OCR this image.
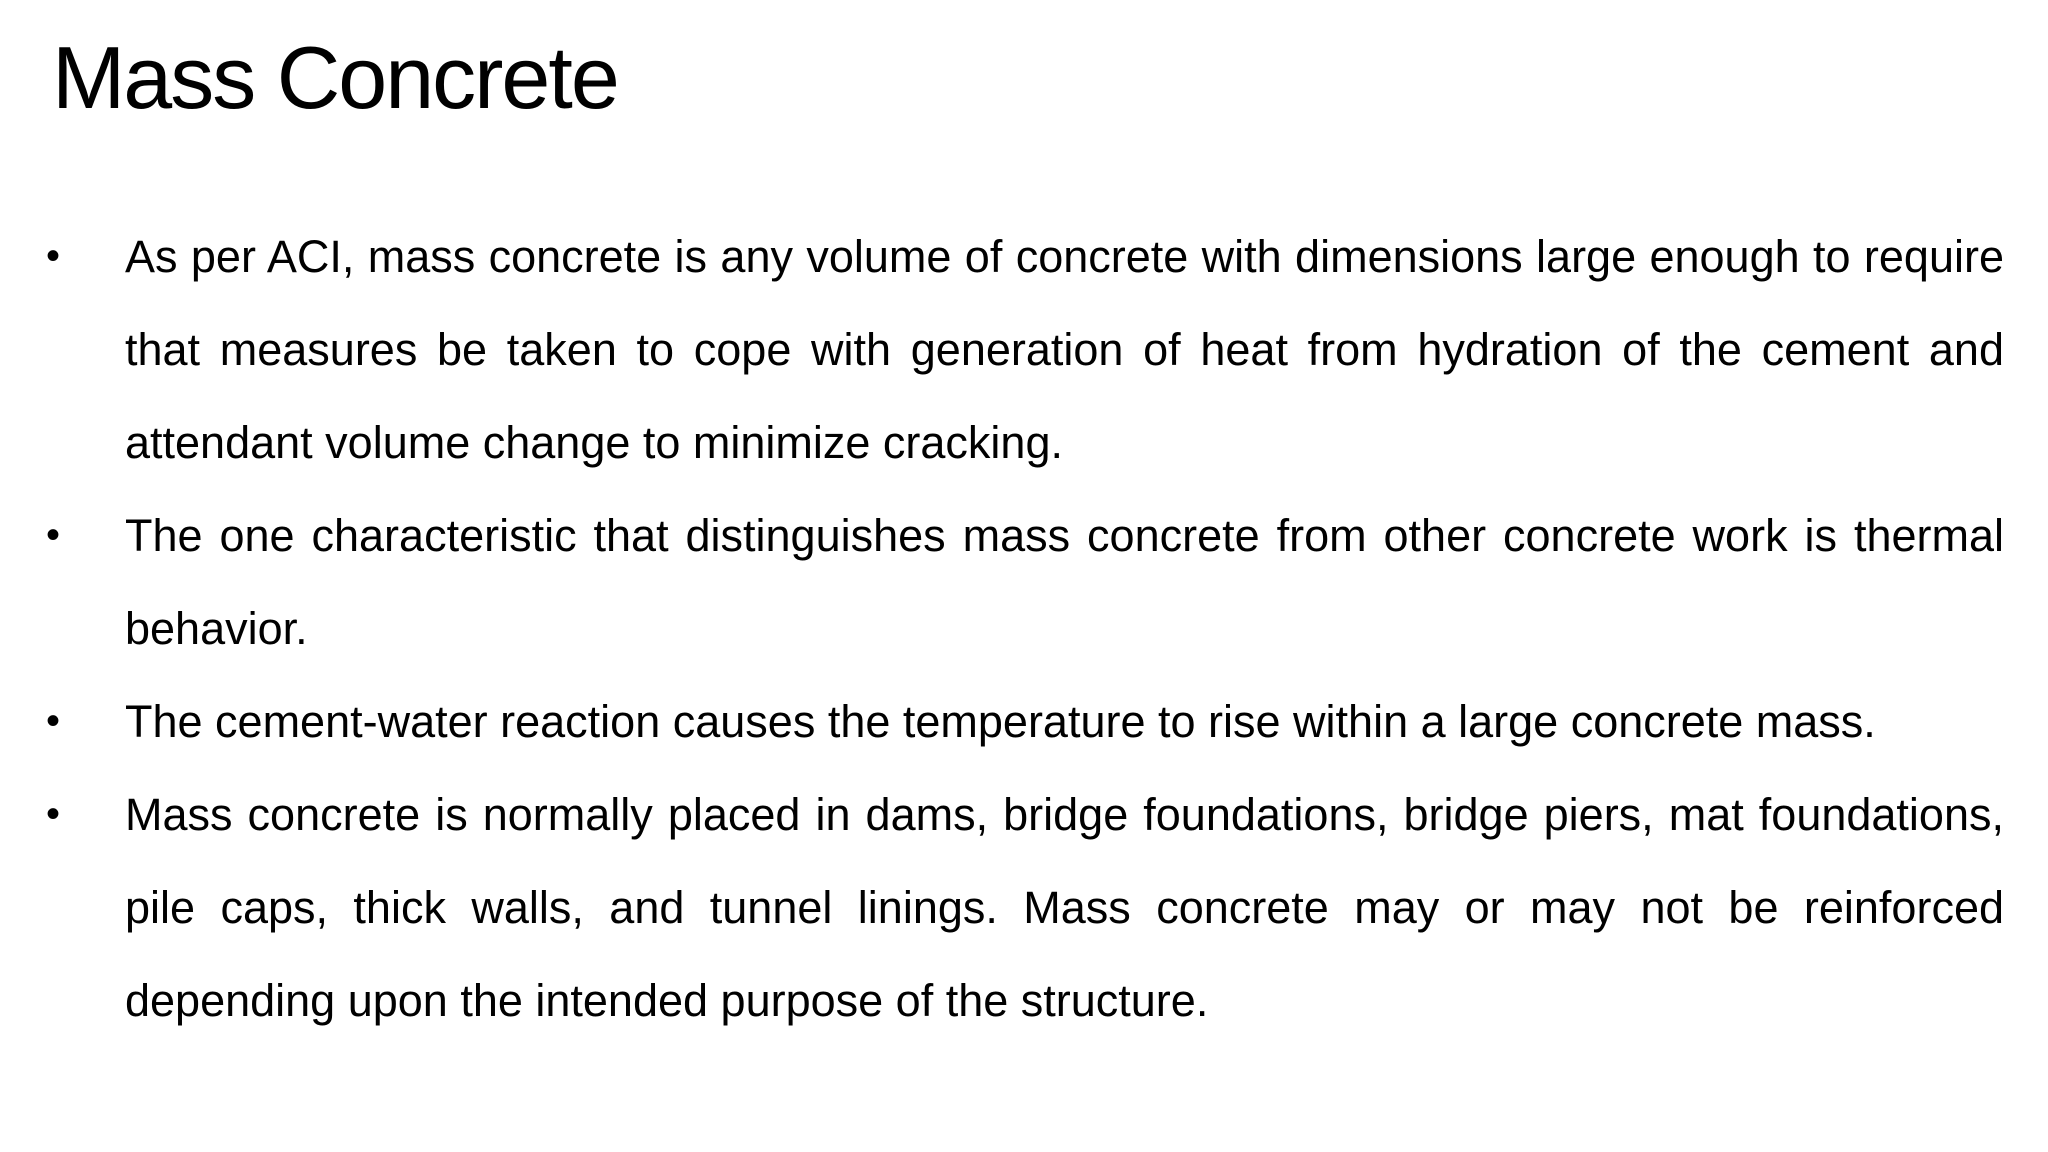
Mass Concrete
• As per ACI, mass concrete is any volume of concrete with dimensions large enough to require that measures be taken to cope with generation of heat from hydration of the cement and attendant volume change to minimize cracking.
• The one characteristic that distinguishes mass concrete from other concrete work is thermal behavior.
• The cement-water reaction causes the temperature to rise within a large concrete mass.
• Mass concrete is normally placed in dams, bridge foundations, bridge piers, mat foundations, pile caps, thick walls, and tunnel linings. Mass concrete may or may not be reinforced depending upon the intended purpose of the structure.
